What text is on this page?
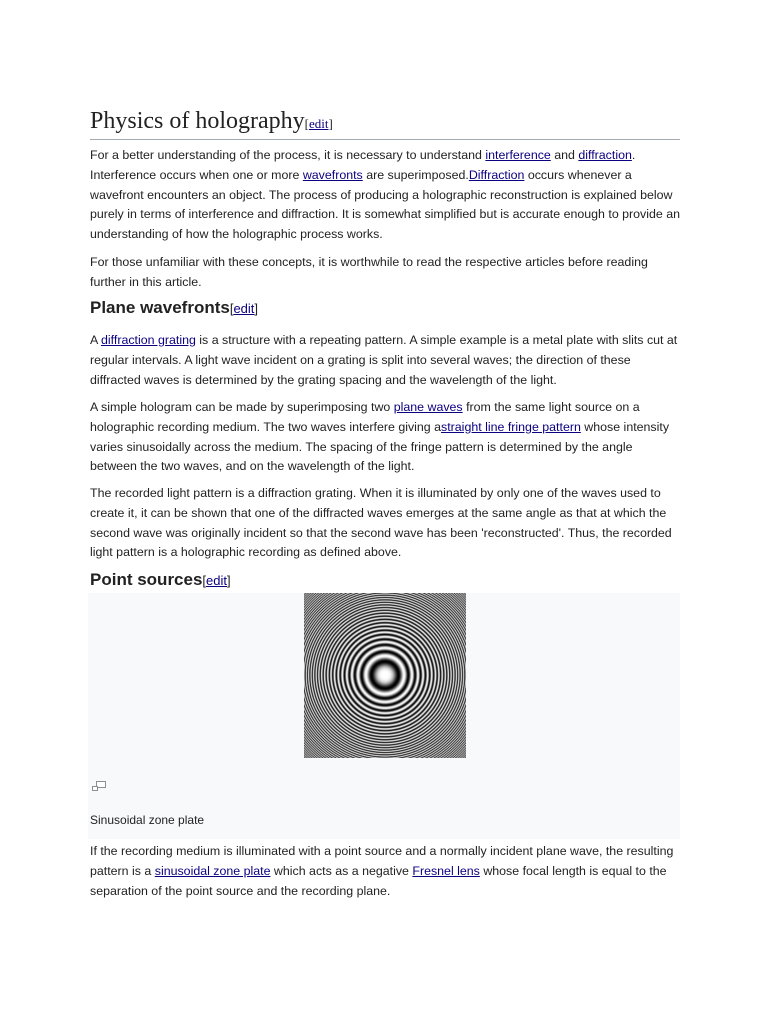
Physics of holography[edit]

For a better understanding of the process, it is necessary to understand interference and diffraction. Interference occurs when one or more wavefronts are superimposed.Diffraction occurs whenever a wavefront encounters an object. The process of producing a holographic reconstruction is explained below purely in terms of interference and diffraction. It is somewhat simplified but is accurate enough to provide an understanding of how the holographic process works.

For those unfamiliar with these concepts, it is worthwhile to read the respective articles before reading further in this article.

Plane wavefronts[edit]

A diffraction grating is a structure with a repeating pattern. A simple example is a metal plate with slits cut at regular intervals. A light wave incident on a grating is split into several waves; the direction of these diffracted waves is determined by the grating spacing and the wavelength of the light.

A simple hologram can be made by superimposing two plane waves from the same light source on a holographic recording medium. The two waves interfere giving astraight line fringe pattern whose intensity varies sinusoidally across the medium. The spacing of the fringe pattern is determined by the angle between the two waves, and on the wavelength of the light.

The recorded light pattern is a diffraction grating. When it is illuminated by only one of the waves used to create it, it can be shown that one of the diffracted waves emerges at the same angle as that at which the second wave was originally incident so that the second wave has been 'reconstructed'. Thus, the recorded light pattern is a holographic recording as defined above.

Point sources[edit]

If the recording medium is illuminated with a point source and a normally incident plane wave, the resulting pattern is a sinusoidal zone plate which acts as a negative Fresnel lens whose focal length is equal to the separation of the point source and the recording plane.

Sinusoidal zone plate
